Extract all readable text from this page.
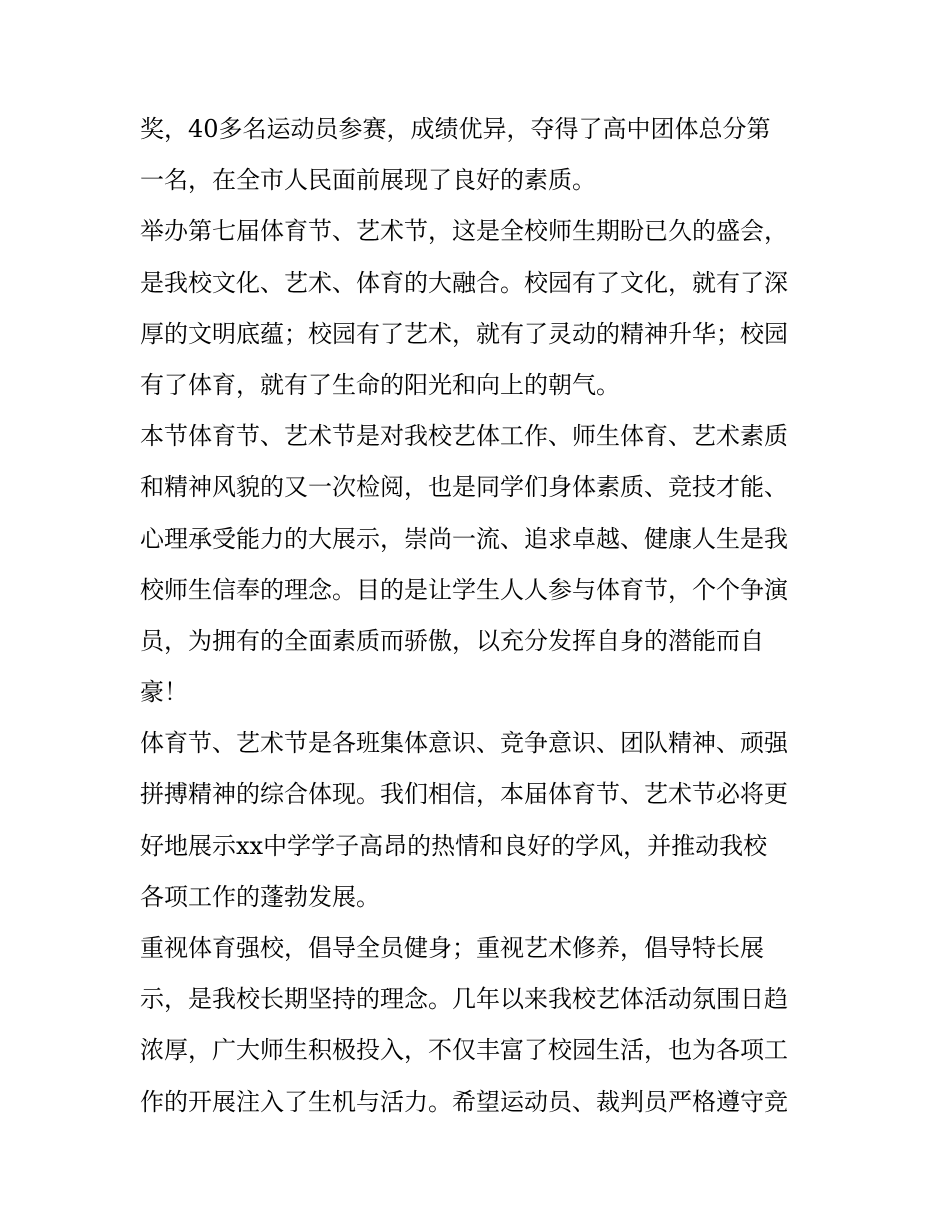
奖，40多名运动员参赛，成绩优异，夺得了高中团体总分第
一名，在全市人民面前展现了良好的素质。
举办第七届体育节、艺术节，这是全校师生期盼已久的盛会，
是我校文化、艺术、体育的大融合。校园有了文化，就有了深
厚的文明底蕴；校园有了艺术，就有了灵动的精神升华；校园
有了体育，就有了生命的阳光和向上的朝气。
本节体育节、艺术节是对我校艺体工作、师生体育、艺术素质
和精神风貌的又一次检阅，也是同学们身体素质、竞技才能、
心理承受能力的大展示，崇尚一流、追求卓越、健康人生是我
校师生信奉的理念。目的是让学生人人参与体育节，个个争演
员，为拥有的全面素质而骄傲，以充分发挥自身的潜能而自
豪！
体育节、艺术节是各班集体意识、竞争意识、团队精神、顽强
拼搏精神的综合体现。我们相信，本届体育节、艺术节必将更
好地展示xx中学学子高昂的热情和良好的学风，并推动我校
各项工作的蓬勃发展。
重视体育强校，倡导全员健身；重视艺术修养，倡导特长展
示，是我校长期坚持的理念。几年以来我校艺体活动氛围日趋
浓厚，广大师生积极投入，不仅丰富了校园生活，也为各项工
作的开展注入了生机与活力。希望运动员、裁判员严格遵守竞
